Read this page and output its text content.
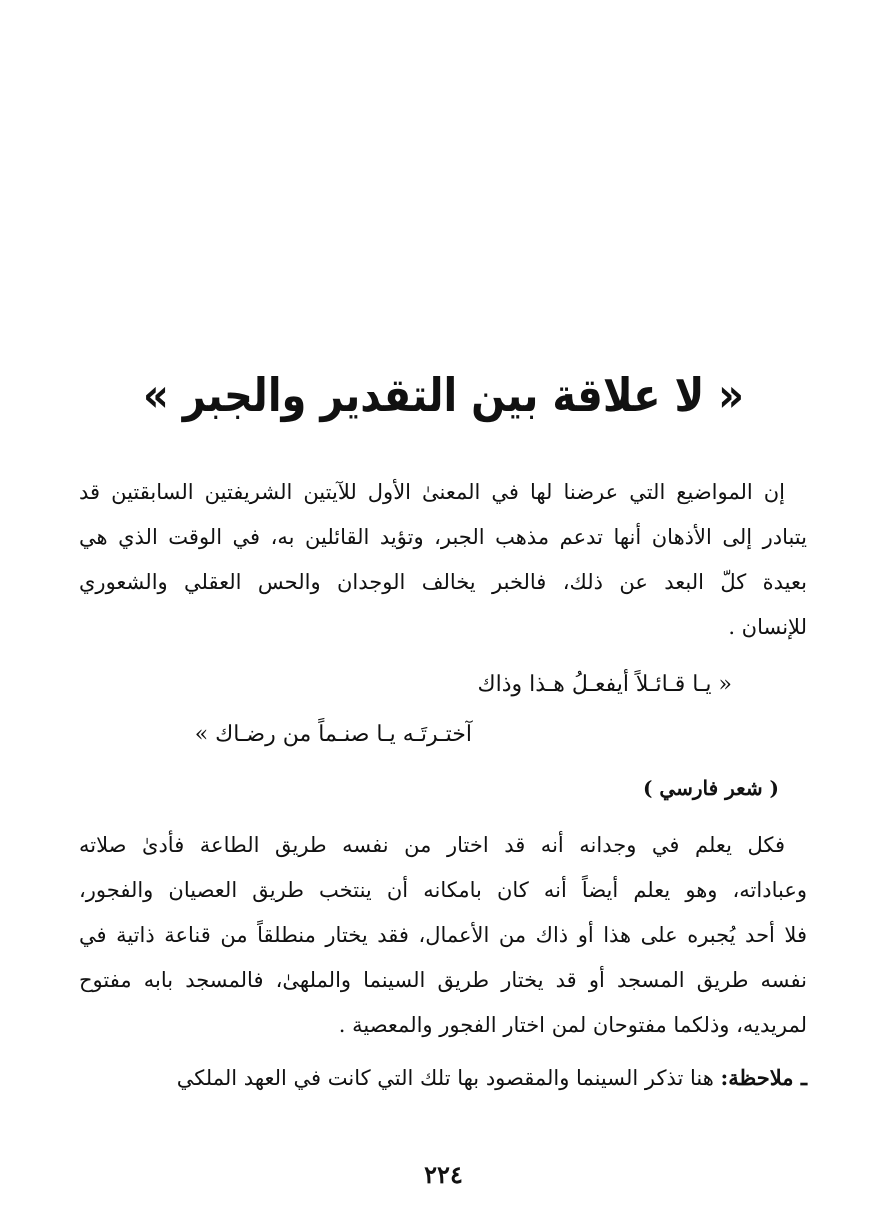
« لا علاقة بين التقدير والجبر »
إن المواضيع التي عرضنا لها في المعنىٰ الأول للآيتين الشريفتين السابقتين قد
يتبادر إلى الأذهان أنها تدعم مذهب الجبر، وتؤيد القائلين به، في الوقت الذي هي
بعيدة كلّ البعد عن ذلك، فالخبر يخالف الوجدان والحس العقلي والشعوري
للإنسان .
« يـا قـائـلاً أيفعـلُ هـذا وذاك
آختـرتَـه يـا صنـماً من رضـاك »
( شعر فارسي )
فكل يعلم في وجدانه أنه قد اختار من نفسه طريق الطاعة فأدىٰ صلاته
وعباداته، وهو يعلم أيضاً أنه كان بامكانه أن ينتخب طريق العصيان والفجور،
فلا أحد يُجبره على هذا أو ذاك من الأعمال، فقد يختار منطلقاً من قناعة ذاتية في
نفسه طريق المسجد أو قد يختار طريق السينما والملهىٰ، فالمسجد بابه مفتوح
لمريديه، وذلكما مفتوحان لمن اختار الفجور والمعصية .
ـ ملاحظة: هنا تذكر السينما والمقصود بها تلك التي كانت في العهد الملكي
٢٢٤
